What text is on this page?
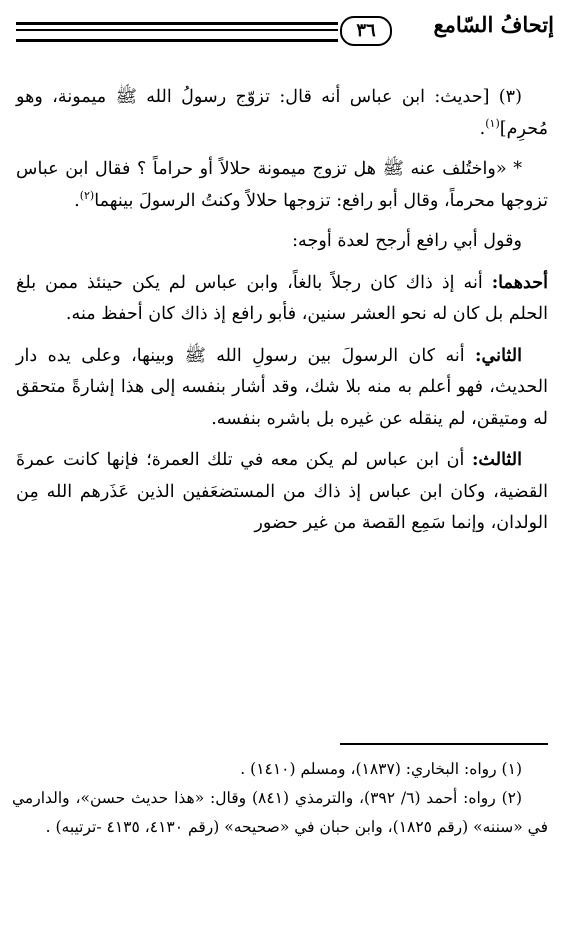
إتحافُ السّامع
٣٦

(٣) [حديث: ابن عباس أنه قال: تزوّج رسولُ الله ﷺ ميمونة، وهو مُحرِم]$^{(١)}$.

* «واختُلف عنه ﷺ هل تزوج ميمونة حلالاً أو حراماً ؟ فقال ابن عباس تزوجها محرماً، وقال أبو رافع: تزوجها حلالاً وكنتُ الرسولَ بينهما$^{(٢)}$.

وقول أبي رافع أرجح لعدة أوجه:

أحدهما: أنه إذ ذاك كان رجلاً بالغاً، وابن عباس لم يكن حينئذ ممن بلغ الحلم بل كان له نحو العشر سنين، فأبو رافع إذ ذاك كان أحفظ منه.

الثاني: أنه كان الرسولَ بين رسولِ الله ﷺ وبينها، وعلى يده دار الحديث، فهو أعلم به منه بلا شك، وقد أشار بنفسه إلى هذا إشارةً متحقق له ومتيقن، لم ينقله عن غيره بل باشره بنفسه.

الثالث: أن ابن عباس لم يكن معه في تلك العمرة؛ فإنها كانت عمرةَ القضية، وكان ابن عباس إذ ذاك من المستضعَفين الذين عَذَرهم الله مِن الولدان، وإنما سَمِع القصة من غير حضور

(١) رواه: البخاري: (١٨٣٧)، ومسلم (١٤١٠) .

(٢) رواه: أحمد (٦/ ٣٩٢)، والترمذي (٨٤١) وقال: «هذا حديث حسن»، والدارمي في «سننه» (رقم ١٨٢٥)، وابن حبان في «صحيحه» (رقم ٤١٣٠، ٤١٣٥ -ترتيبه) .
